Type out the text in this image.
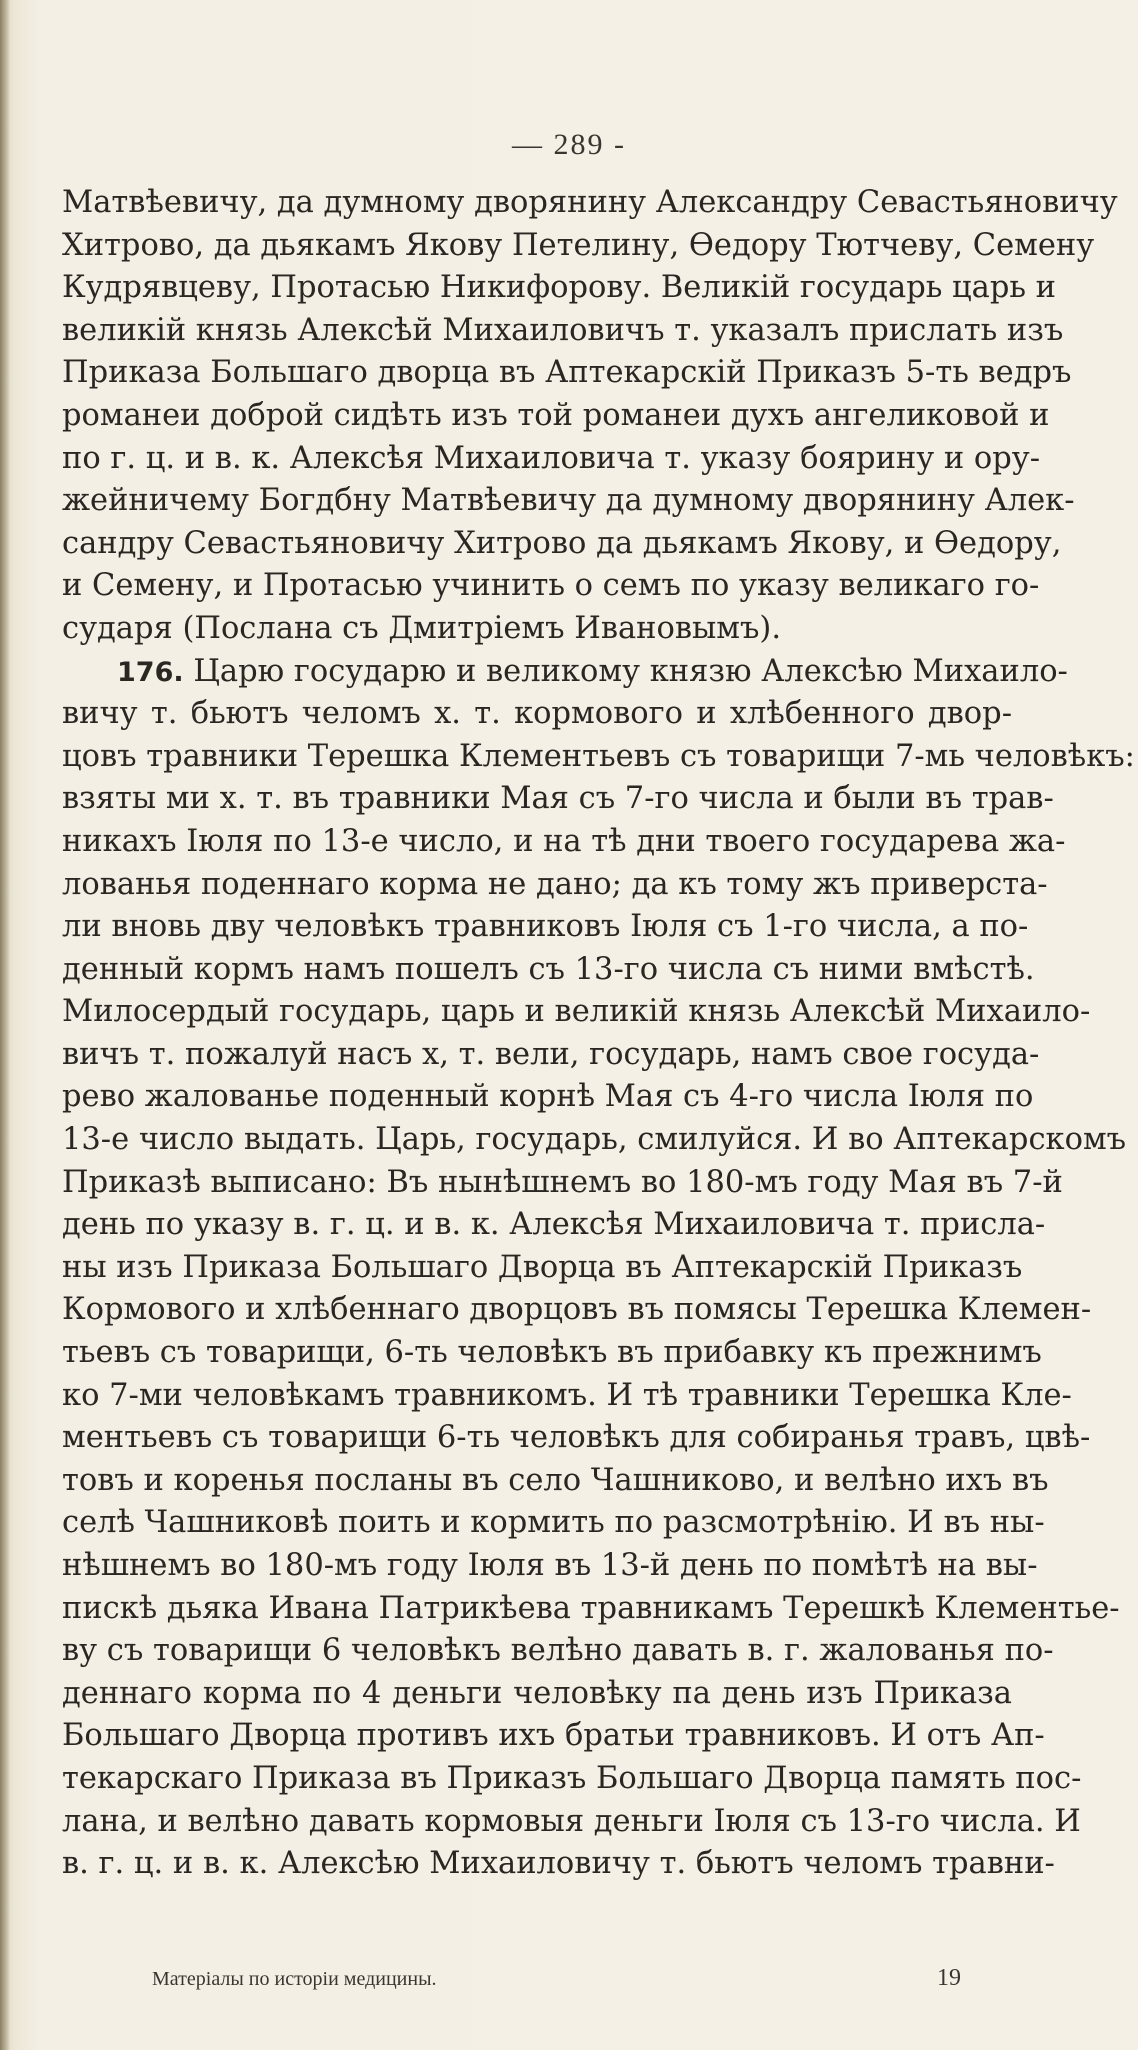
— 289 -
Матвѣевичу, да думному дворянину Александру Севастьяновичу
Хитрово, да дьякамъ Якову Петелину, Ѳедору Тютчеву, Семену
Кудрявцеву, Протасью Никифорову. Великій государь царь и
великій князь Алексѣй Михаиловичъ т. указалъ прислать изъ
Приказа Большаго дворца въ Аптекарскій Приказъ 5-ть ведръ
романеи доброй сидѣть изъ той романеи духъ ангеликовой и
по г. ц. и в. к. Алексѣя Михаиловича т. указу боярину и ору-
жейничему Богдбну Матвѣевичу да думному дворянину Алек-
сандру Севастьяновичу Хитрово да дьякамъ Якову, и Ѳедору,
и Семену, и Протасью учинить о семъ по указу великаго го-
сударя (Послана съ Дмитріемъ Ивановымъ).
176. Царю государю и великому князю Алексѣю Михаило-
вичу т. бьютъ челомъ х. т. кормового и хлѣбенного двор-
цовъ травники Терешка Клементьевъ съ товарищи 7-мь человѣкъ:
взяты ми х. т. въ травники Мая съ 7-го числа и были въ трав-
никахъ Іюля по 13-е число, и на тѣ дни твоего государева жа-
лованья поденнаго корма не дано; да къ тому жъ приверста-
ли вновь дву человѣкъ травниковъ Іюля съ 1-го числа, а по-
денный кормъ намъ пошелъ съ 13-го числа съ ними вмѣстѣ.
Милосердый государь, царь и великій князь Алексѣй Михаило-
вичъ т. пожалуй насъ х, т. вели, государь, намъ свое госуда-
рево жалованье поденный корнѣ Мая съ 4-го числа Іюля по
13-е число выдать. Царь, государь, смилуйся. И во Аптекарскомъ
Приказѣ выписано: Въ нынѣшнемъ во 180-мъ году Мая въ 7-й
день по указу в. г. ц. и в. к. Алексѣя Михаиловича т. присла-
ны изъ Приказа Большаго Дворца въ Аптекарскій Приказъ
Кормового и хлѣбеннаго дворцовъ въ помясы Терешка Клемен-
тьевъ съ товарищи, 6-ть человѣкъ въ прибавку къ прежнимъ
ко 7-ми человѣкамъ травникомъ. И тѣ травники Терешка Кле-
ментьевъ съ товарищи 6-ть человѣкъ для собиранья травъ, цвѣ-
товъ и коренья посланы въ село Чашниково, и велѣно ихъ въ
селѣ Чашниковѣ поить и кормить по разсмотрѣнію. И въ ны-
нѣшнемъ во 180-мъ году Іюля въ 13-й день по помѣтѣ на вы-
пискѣ дьяка Ивана Патрикѣева травникамъ Терешкѣ Клементье-
ву съ товарищи 6 человѣкъ велѣно давать в. г. жалованья по-
деннаго корма по 4 деньги человѣку па день изъ Приказа
Большаго Дворца противъ ихъ братьи травниковъ. И отъ Ап-
текарскаго Приказа въ Приказъ Большаго Дворца память пос-
лана, и велѣно давать кормовыя деньги Іюля съ 13-го числа. И
в. г. ц. и в. к. Алексѣю Михаиловичу т. бьютъ челомъ травни-
Матеріалы по исторіи медицины.	19
